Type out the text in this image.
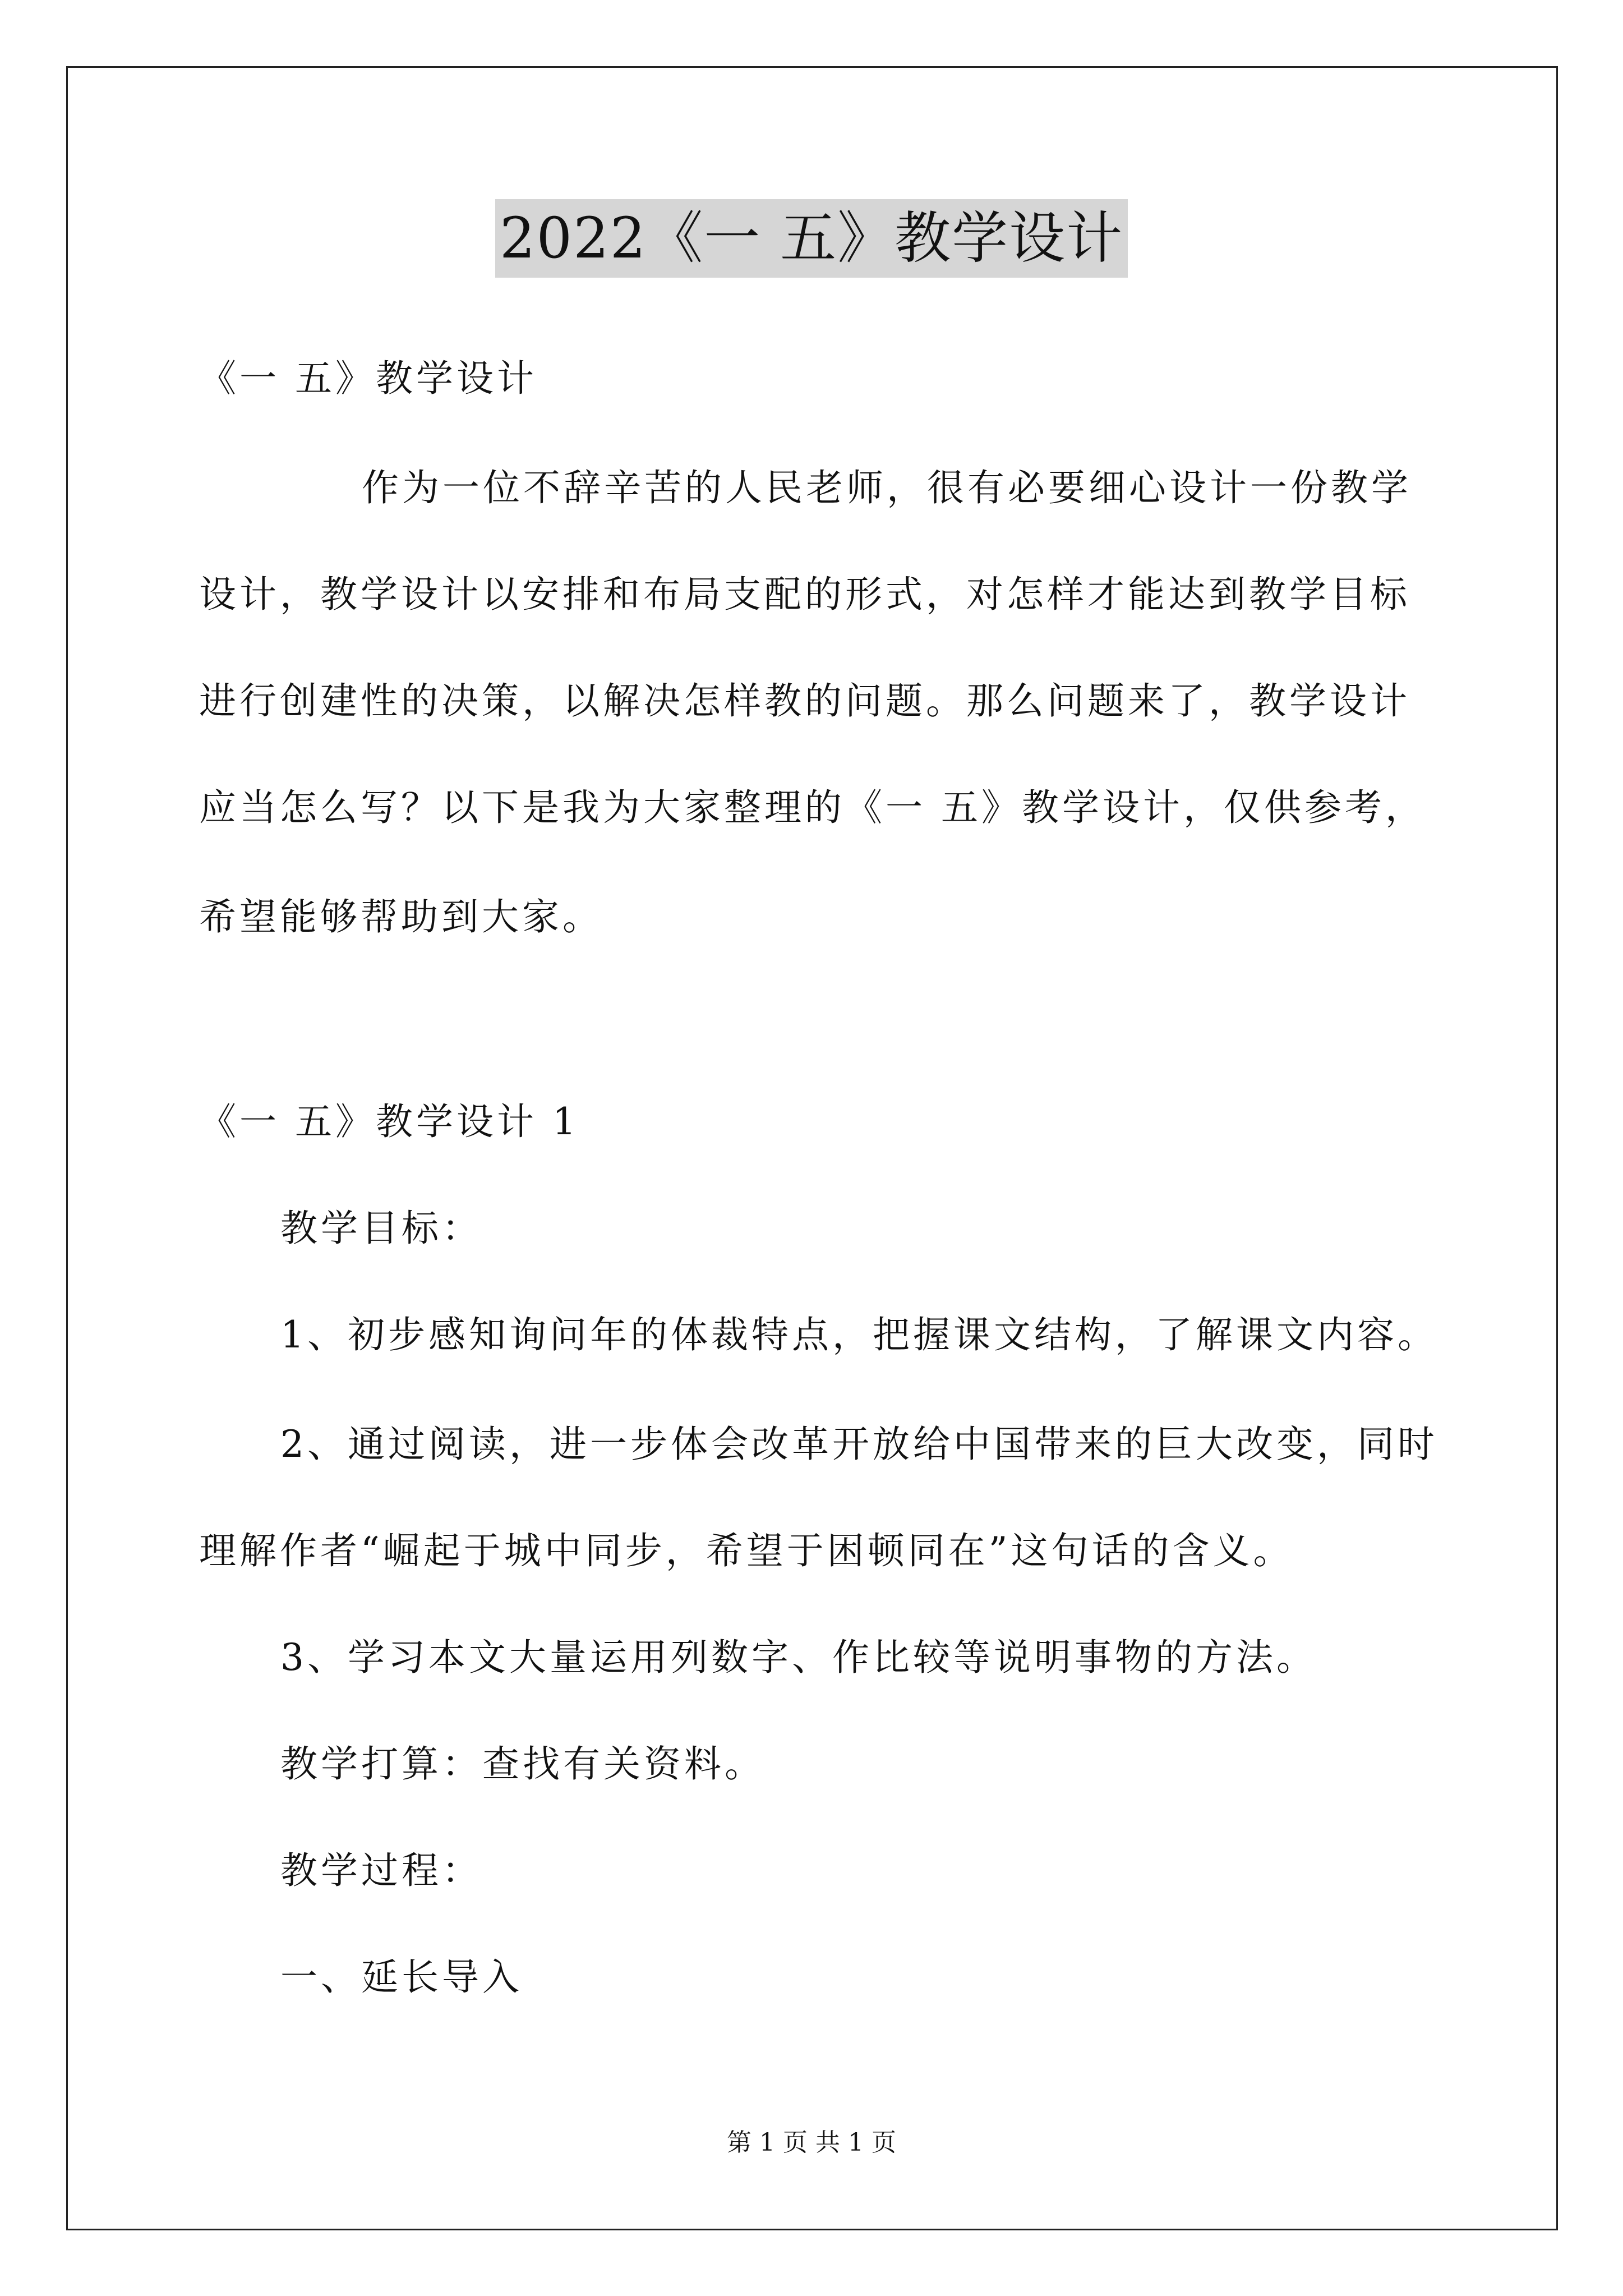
2022《一 五》教学设计
《一 五》教学设计
作为一位不辞辛苦的人民老师，很有必要细心设计一份教学
设计，教学设计以安排和布局支配的形式，对怎样才能达到教学目标
进行创建性的决策，以解决怎样教的问题。那么问题来了，教学设计
应当怎么写？以下是我为大家整理的《一 五》教学设计，仅供参考，
希望能够帮助到大家。
《一 五》教学设计 1
教学目标：
1、初步感知询问年的体裁特点，把握课文结构，了解课文内容。
2、通过阅读，进一步体会改革开放给中国带来的巨大改变，同时
理解作者“崛起于城中同步，希望于困顿同在”这句话的含义。
3、学习本文大量运用列数字、作比较等说明事物的方法。
教学打算：查找有关资料。
教学过程：
一、延长导入
第 1 页 共 1 页
